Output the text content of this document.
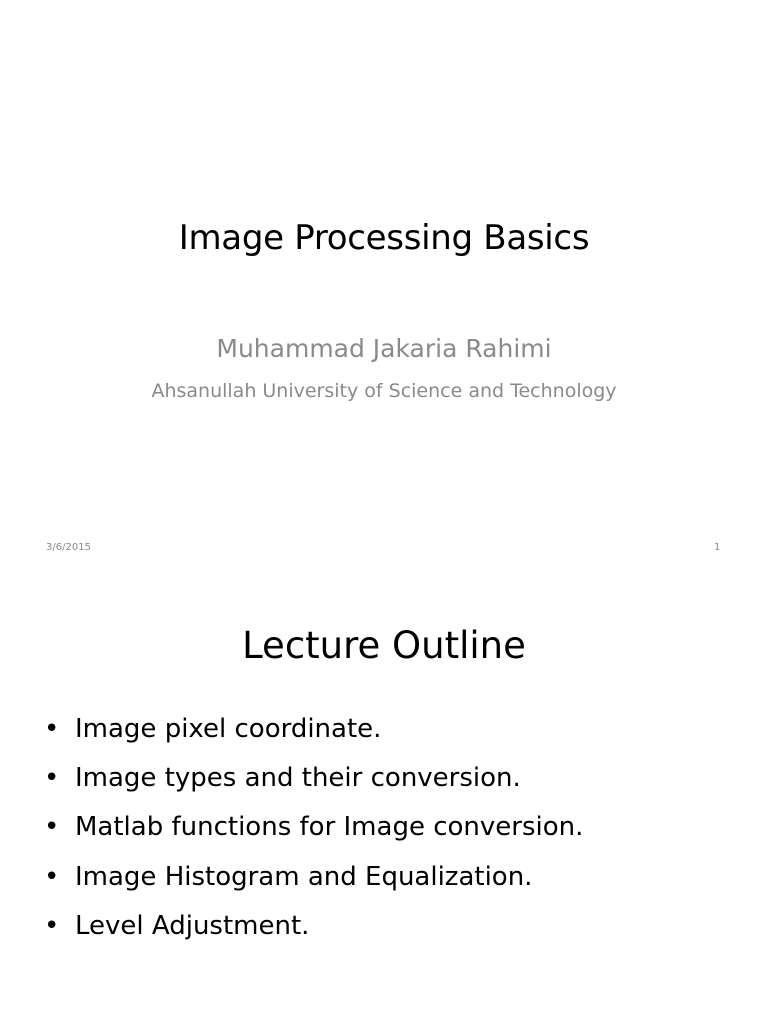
Image Processing Basics
Muhammad Jakaria Rahimi
Ahsanullah University of Science and Technology
3/6/2015	1
Lecture Outline
• Image pixel coordinate.
• Image types and their conversion.
• Matlab functions for Image conversion.
• Image Histogram and Equalization.
• Level Adjustment.
